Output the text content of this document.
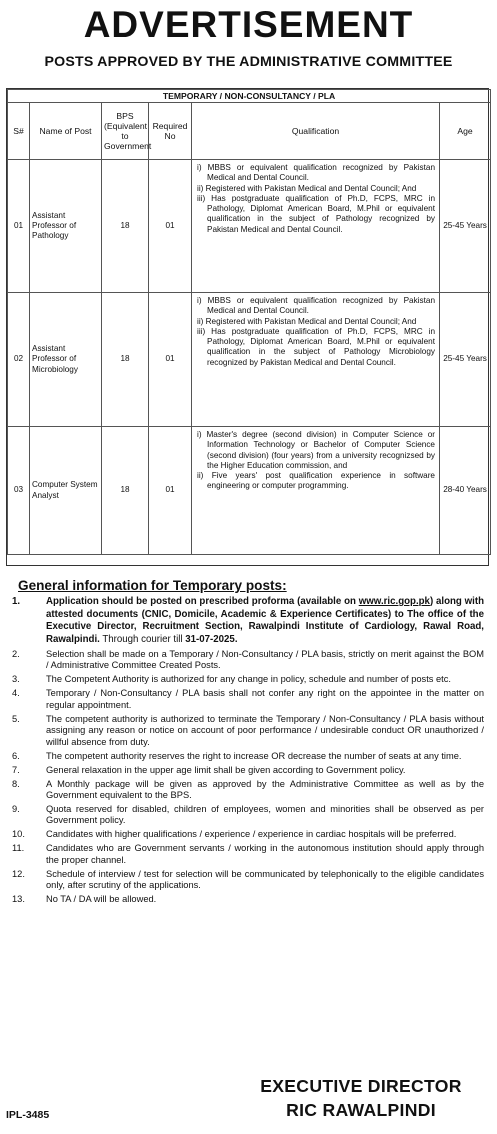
ADVERTISEMENT
POSTS APPROVED BY THE ADMINISTRATIVE COMMITTEE
TEMPORARY / NON-CONSULTANCY / PLA					
S#	Name of Post	BPS (Equivalent to Government	Required No	Qualification	Age
01	Assistant Professor of Pathology	18	01	i) MBBS or equivalent qualification recognized by Pakistan Medical and Dental Council.
ii) Registered with Pakistan Medical and Dental Council; And
iii) Has postgraduate qualification of Ph.D, FCPS, MRC in Pathology, Diplomat American Board, M.Phil or equivalent qualification in the subject of Pathology recognized by Pakistan Medical and Dental Council.	25-45 Years
02	Assistant Professor of Microbiology	18	01	i) MBBS or equivalent qualification recognized by Pakistan Medical and Dental Council.
ii) Registered with Pakistan Medical and Dental Council; And
iii) Has postgraduate qualification of Ph.D, FCPS, MRC in Pathology, Diplomat American Board, M.Phil or equivalent qualification in the subject of Pathology Microbiology recognized by Pakistan Medical and Dental Council.	25-45 Years
03	Computer System Analyst	18	01	i) Master's degree (second division) in Computer Science or Information Technology or Bachelor of Computer Science (second division) (four years) from a university recognizsed by the Higher Education commission, and
ii) Five years' post qualification experience in software engineering or computer programming.	28-40 Years
General information for Temporary posts:
1.	Application should be posted on prescribed proforma (available on www.ric.gop.pk) along with attested documents (CNIC, Domicile, Academic & Experience Certificates) to The office of the Executive Director, Recruitment Section, Rawalpindi Institute of Cardiology, Rawal Road, Rawalpindi. Through courier till 31-07-2025.
2.	Selection shall be made on a Temporary / Non-Consultancy / PLA basis, strictly on merit against the BOM / Administrative Committee Created Posts.
3.	The Competent Authority is authorized for any change in policy, schedule and number of posts etc.
4.	Temporary / Non-Consultancy / PLA basis shall not confer any right on the appointee in the matter on regular appointment.
5.	The competent authority is authorized to terminate the Temporary / Non-Consultancy / PLA basis without assigning any reason or notice on account of poor performance / undesirable conduct OR unauthorized / willful absence from duty.
6.	The competent authority reserves the right to increase OR decrease the number of seats at any time.
7.	General relaxation in the upper age limit shall be given according to Government policy.
8.	A Monthly package will be given as approved by the Administrative Committee as well as by the Government equivalent to the BPS.
9.	Quota reserved for disabled, children of employees, women and minorities shall be observed as per Government policy.
10.	Candidates with higher qualifications / experience / experience in cardiac hospitals will be preferred.
11.	Candidates who are Government servants / working in the autonomous institution should apply through the proper channel.
12.	Schedule of interview / test for selection will be communicated by telephonically to the eligible candidates only, after scrutiny of the applications.
13.	No TA / DA will be allowed.
EXECUTIVE DIRECTOR
RIC RAWALPINDI
IPL-3485
